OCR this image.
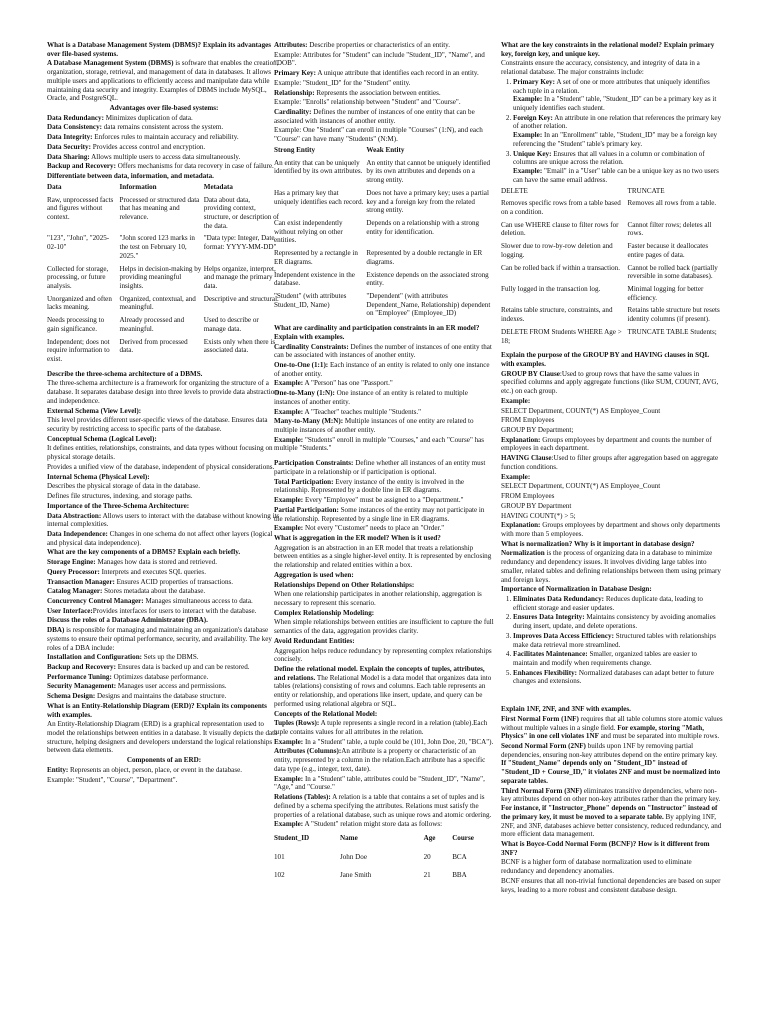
What is a Database Management System (DBMS)? Explain its advantages over file-based systems.

A Database Management System (DBMS) is software that enables the creation, organization, storage, retrieval, and management of data in databases. It allows multiple users and applications to efficiently access and manipulate data while maintaining data security and integrity. Examples of DBMS include MySQL, Oracle, and PostgreSQL.

Advantages over file-based systems:

Data Redundancy: Minimizes duplication of data.

Data Consistency: data remains consistent across the system.

Data Integrity: Enforces rules to maintain accuracy and reliability.

Data Security: Provides access control and encryption.

Data Sharing: Allows multiple users to access data simultaneously.

Backup and Recovery: Offers mechanisms for data recovery in case of failure.

Differentiate between data, information, and metadata.

Data	Information	Metadata
Raw, unprocessed facts and figures without context.	Processed or structured data that has meaning and relevance.	Data about data, providing context, structure, or description of the data.
"123", "John", "2025-02-10"	"John scored 123 marks in the test on February 10, 2025."	"Data type: Integer, Date format: YYYY-MM-DD"
Collected for storage, processing, or future analysis.	Helps in decision-making by providing meaningful insights.	Helps organize, interpret, and manage the primary data.
Unorganized and often lacks meaning.	Organized, contextual, and meaningful.	Descriptive and structural.
Needs processing to gain significance.	Already processed and meaningful.	Used to describe or manage data.
Independent; does not require information to exist.	Derived from processed data.	Exists only when there is associated data.

Describe the three-schema architecture of a DBMS.

The three-schema architecture is a framework for organizing the structure of a database. It separates database design into three levels to provide data abstraction and independence.

External Schema (View Level):

This level provides different user-specific views of the database. Ensures data security by restricting access to specific parts of the database.

Conceptual Schema (Logical Level):

It defines entities, relationships, constraints, and data types without focusing on physical storage details.

Provides a unified view of the database, independent of physical considerations.

Internal Schema (Physical Level):

Describes the physical storage of data in the database.

Defines file structures, indexing, and storage paths.

Importance of the Three-Schema Architecture:

Data Abstraction: Allows users to interact with the database without knowing its internal complexities.

Data Independence: Changes in one schema do not affect other layers (logical and physical data independence).

What are the key components of a DBMS? Explain each briefly.

Storage Engine: Manages how data is stored and retrieved.

Query Processor: Interprets and executes SQL queries.

Transaction Manager: Ensures ACID properties of transactions.

Catalog Manager: Stores metadata about the database.

Concurrency Control Manager: Manages simultaneous access to data.

User Interface:Provides interfaces for users to interact with the database.

Discuss the roles of a Database Administrator (DBA).

DBA) is responsible for managing and maintaining an organization's database systems to ensure their optimal performance, security, and availability. The key roles of a DBA include:

Installation and Configuration: Sets up the DBMS.

Backup and Recovery: Ensures data is backed up and can be restored.

Performance Tuning: Optimizes database performance.

Security Management: Manages user access and permissions.

Schema Design: Designs and maintains the database structure.

What is an Entity-Relationship Diagram (ERD)? Explain its components with examples.

An Entity-Relationship Diagram (ERD) is a graphical representation used to model the relationships between entities in a database. It visually depicts the data structure, helping designers and developers understand the logical relationships between data elements.

Components of an ERD:

Entity: Represents an object, person, place, or event in the database.

Example: "Student", "Course", "Department".

Attributes: Describe properties or characteristics of an entity.

Example: Attributes for "Student" can include "Student_ID", "Name", and "DOB".

Primary Key: A unique attribute that identifies each record in an entity.

Example: "Student_ID" for the "Student" entity.

Relationship: Represents the association between entities.

Example: "Enrolls" relationship between "Student" and "Course".

Cardinality: Defines the number of instances of one entity that can be associated with instances of another entity.

Example: One "Student" can enroll in multiple "Courses" (1:N), and each "Course" can have many "Students" (N:M).

Strong Entity	Weak Entity
An entity that can be uniquely identified by its own attributes.	An entity that cannot be uniquely identified by its own attributes and depends on a strong entity.
Has a primary key that uniquely identifies each record.	Does not have a primary key; uses a partial key and a foreign key from the related strong entity.
Can exist independently without relying on other entities.	Depends on a relationship with a strong entity for identification.
Represented by a rectangle in ER diagrams.	Represented by a double rectangle in ER diagrams.
Independent existence in the database.	Existence depends on the associated strong entity.
"Student" (with attributes Student_ID, Name)	"Dependent" (with attributes Dependent_Name, Relationship) dependent on "Employee" (Employee_ID)

What are cardinality and participation constraints in an ER model? Explain with examples.

Cardinality Constraints: Defines the number of instances of one entity that can be associated with instances of another entity.

One-to-One (1:1): Each instance of an entity is related to only one instance of another entity.

Example: A "Person" has one "Passport."

One-to-Many (1:N): One instance of an entity is related to multiple instances of another entity.

Example: A "Teacher" teaches multiple "Students."

Many-to-Many (M:N): Multiple instances of one entity are related to multiple instances of another entity.

Example: "Students" enroll in multiple "Courses," and each "Course" has multiple "Students."

Participation Constraints: Define whether all instances of an entity must participate in a relationship or if participation is optional.

Total Participation: Every instance of the entity is involved in the relationship. Represented by a double line in ER diagrams.

Example: Every "Employee" must be assigned to a "Department."

Partial Participation: Some instances of the entity may not participate in the relationship. Represented by a single line in ER diagrams.

Example: Not every "Customer" needs to place an "Order."

What is aggregation in the ER model? When is it used?

Aggregation is an abstraction in an ER model that treats a relationship between entities as a single higher-level entity. It is represented by enclosing the relationship and related entities within a box.

Aggregation is used when:

Relationships Depend on Other Relationships:

When one relationship participates in another relationship, aggregation is necessary to represent this scenario.

Complex Relationship Modeling:

When simple relationships between entities are insufficient to capture the full semantics of the data, aggregation provides clarity.

Avoid Redundant Entities:

Aggregation helps reduce redundancy by representing complex relationships concisely.

Define the relational model. Explain the concepts of tuples, attributes, and relations. The Relational Model is a data model that organizes data into tables (relations) consisting of rows and columns. Each table represents an entity or relationship, and operations like insert, update, and query can be performed using relational algebra or SQL.

Concepts of the Relational Model:

Tuples (Rows): A tuple represents a single record in a relation (table).Each tuple contains values for all attributes in the relation.

Example: In a "Student" table, a tuple could be (101, John Doe, 20, "BCA").

Attributes (Columns):An attribute is a property or characteristic of an entity, represented by a column in the relation.Each attribute has a specific data type (e.g., integer, text, date).

Example: In a "Student" table, attributes could be "Student_ID", "Name", "Age," and "Course."

Relations (Tables): A relation is a table that contains a set of tuples and is defined by a schema specifying the attributes. Relations must satisfy the properties of a relational database, such as unique rows and atomic ordering.

Example: A "Student" relation might store data as follows:

Student_ID	Name	Age	Course
101	John Doe	20	BCA
102	Jane Smith	21	BBA

What are the key constraints in the relational model? Explain primary key, foreign key, and unique key.

Constraints ensure the accuracy, consistency, and integrity of data in a relational database. The major constraints include:

1. Primary Key: A set of one or more attributes that uniquely identifies each tuple in a relation.
Example: In a "Student" table, "Student_ID" can be a primary key as it uniquely identifies each student.
2. Foreign Key: An attribute in one relation that references the primary key of another relation.
Example: In an "Enrollment" table, "Student_ID" may be a foreign key referencing the "Student" table's primary key.
3. Unique Key: Ensures that all values in a column or combination of columns are unique across the relation.
Example: "Email" in a "User" table can be a unique key as no two users can have the same email address.
DELETE	TRUNCATE
Removes specific rows from a table based on a condition.	Removes all rows from a table.
Can use WHERE clause to filter rows for deletion.	Cannot filter rows; deletes all rows.
Slower due to row-by-row deletion and logging.	Faster because it deallocates entire pages of data.
Can be rolled back if within a transaction.	Cannot be rolled back (partially reversible in some databases).
Fully logged in the transaction log.	Minimal logging for better efficiency.
Retains table structure, constraints, and indexes.	Retains table structure but resets identity columns (if present).
DELETE FROM Students WHERE Age > 18;	TRUNCATE TABLE Students;

Explain the purpose of the GROUP BY and HAVING clauses in SQL with examples.

GROUP BY Clause:Used to group rows that have the same values in specified columns and apply aggregate functions (like SUM, COUNT, AVG, etc.) on each group.

Example:

SELECT Department, COUNT(*) AS Employee_Count

FROM Employees

GROUP BY Department;

Explanation: Groups employees by department and counts the number of employees in each department.

HAVING Clause:Used to filter groups after aggregation based on aggregate function conditions.

Example:

SELECT Department, COUNT(*) AS Employee_Count

FROM Employees

GROUP BY Department

HAVING COUNT(*) > 5;

Explanation: Groups employees by department and shows only departments with more than 5 employees.

What is normalization? Why is it important in database design?

Normalization is the process of organizing data in a database to minimize redundancy and dependency issues. It involves dividing large tables into smaller, related tables and defining relationships between them using primary and foreign keys.

Importance of Normalization in Database Design:

1. Eliminates Data Redundancy: Reduces duplicate data, leading to efficient storage and easier updates.
2. Ensures Data Integrity: Maintains consistency by avoiding anomalies during insert, update, and delete operations.
3. Improves Data Access Efficiency: Structured tables with relationships make data retrieval more streamlined.
4. Facilitates Maintenance: Smaller, organized tables are easier to maintain and modify when requirements change.
5. Enhances Flexibility: Normalized databases can adapt better to future changes and extensions.

Explain 1NF, 2NF, and 3NF with examples.

First Normal Form (1NF) requires that all table columns store atomic values without multiple values in a single field. For example, storing "Math, Physics" in one cell violates 1NF and must be separated into multiple rows.

Second Normal Form (2NF) builds upon 1NF by removing partial dependencies, ensuring non-key attributes depend on the entire primary key. If "Student_Name" depends only on "Student_ID" instead of "Student_ID + Course_ID," it violates 2NF and must be normalized into separate tables.

Third Normal Form (3NF) eliminates transitive dependencies, where non-key attributes depend on other non-key attributes rather than the primary key. For instance, if "Instructor_Phone" depends on "Instructor" instead of the primary key, it must be moved to a separate table. By applying 1NF, 2NF, and 3NF, databases achieve better consistency, reduced redundancy, and more efficient data management.

What is Boyce-Codd Normal Form (BCNF)? How is it different from 3NF?

BCNF is a higher form of database normalization used to eliminate redundancy and dependency anomalies.

BCNF ensures that all non-trivial functional dependencies are based on super keys, leading to a more robust and consistent database design.
